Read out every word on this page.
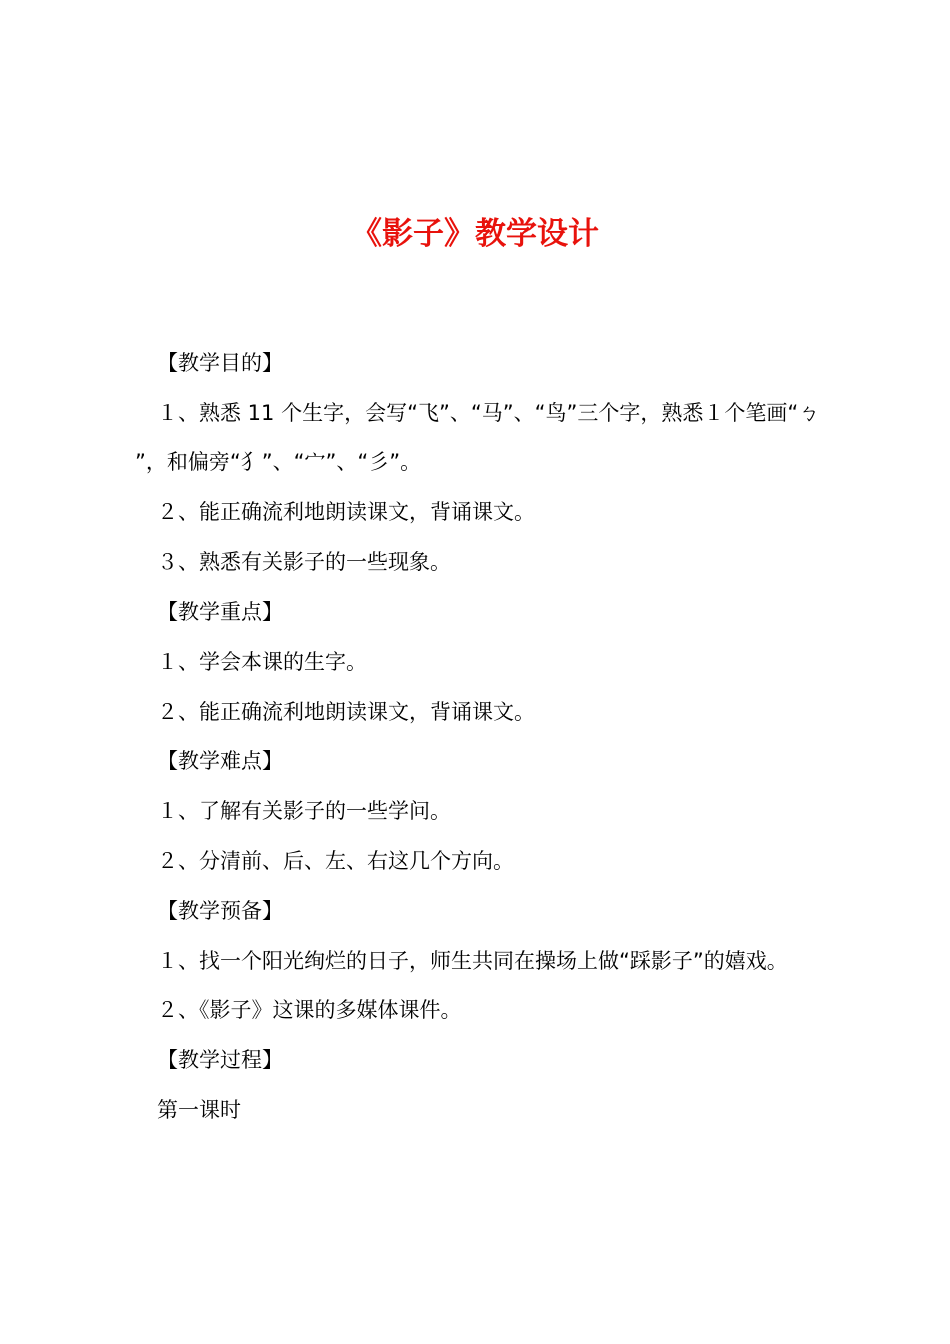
《影子》教学设计
【教学目的】
１、熟悉 11 个生字，会写“飞”、“马”、“鸟”三个字，熟悉１个笔画“ㄅ
”，和偏旁“犭”、“宀”、“彡”。
２、能正确流利地朗读课文，背诵课文。
３、熟悉有关影子的一些现象。
【教学重点】
１、学会本课的生字。
２、能正确流利地朗读课文，背诵课文。
【教学难点】
１、了解有关影子的一些学问。
２、分清前、后、左、右这几个方向。
【教学预备】
１、找一个阳光绚烂的日子，师生共同在操场上做“踩影子”的嬉戏。
２、《影子》这课的多媒体课件。
【教学过程】
第一课时
